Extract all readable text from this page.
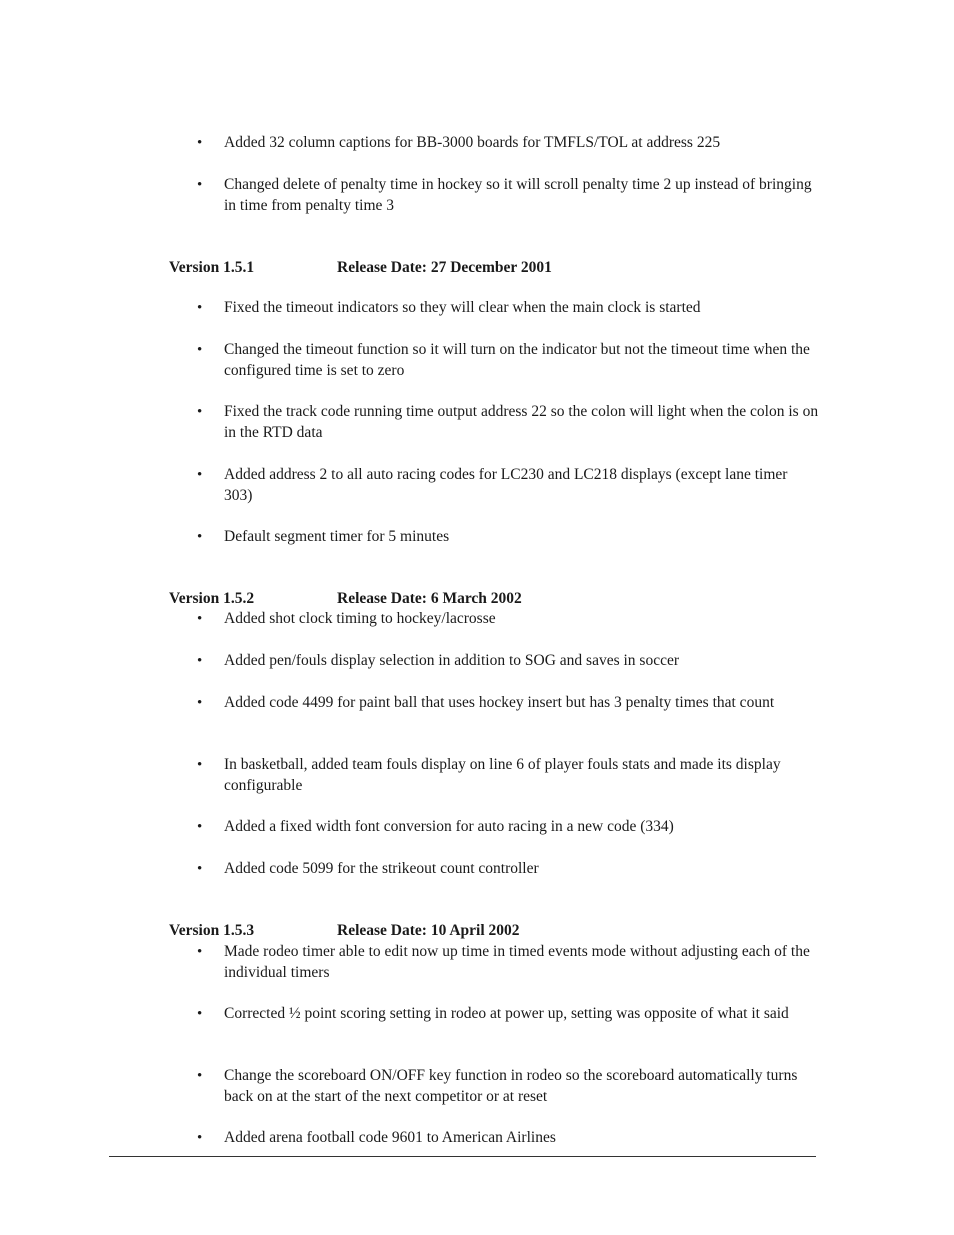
•	Added 32 column captions for BB-3000 boards for TMFLS/TOL at address 225
•	Changed delete of penalty time in hockey so it will scroll penalty time 2 up instead of bringing in time from penalty time 3
Version 1.5.1	Release Date: 27 December 2001
•	Fixed the timeout indicators so they will clear when the main clock is started
•	Changed the timeout function so it will turn on the indicator but not the timeout time when the configured time is set to zero
•	Fixed the track code running time output address 22 so the colon will light when the colon is on in the RTD data
•	Added address 2 to all auto racing codes for LC230 and LC218 displays (except lane timer 303)
•	Default segment timer for 5 minutes
Version 1.5.2	Release Date: 6 March 2002
•	Added shot clock timing to hockey/lacrosse
•	Added pen/fouls display selection in addition to SOG and saves in soccer
•	Added code 4499 for paint ball that uses hockey insert but has 3 penalty times that count
•	In basketball, added team fouls display on line 6 of player fouls stats and made its display configurable
•	Added a fixed width font conversion for auto racing in a new code (334)
•	Added code 5099 for the strikeout count controller
Version 1.5.3	Release Date: 10 April 2002
•	Made rodeo timer able to edit now up time in timed events mode without adjusting each of the individual timers
•	Corrected ½ point scoring setting in rodeo at power up, setting was opposite of what it said
•	Change the scoreboard ON/OFF key function in rodeo so the scoreboard automatically turns back on at the start of the next competitor or at reset
•	Added arena football code 9601 to American Airlines
